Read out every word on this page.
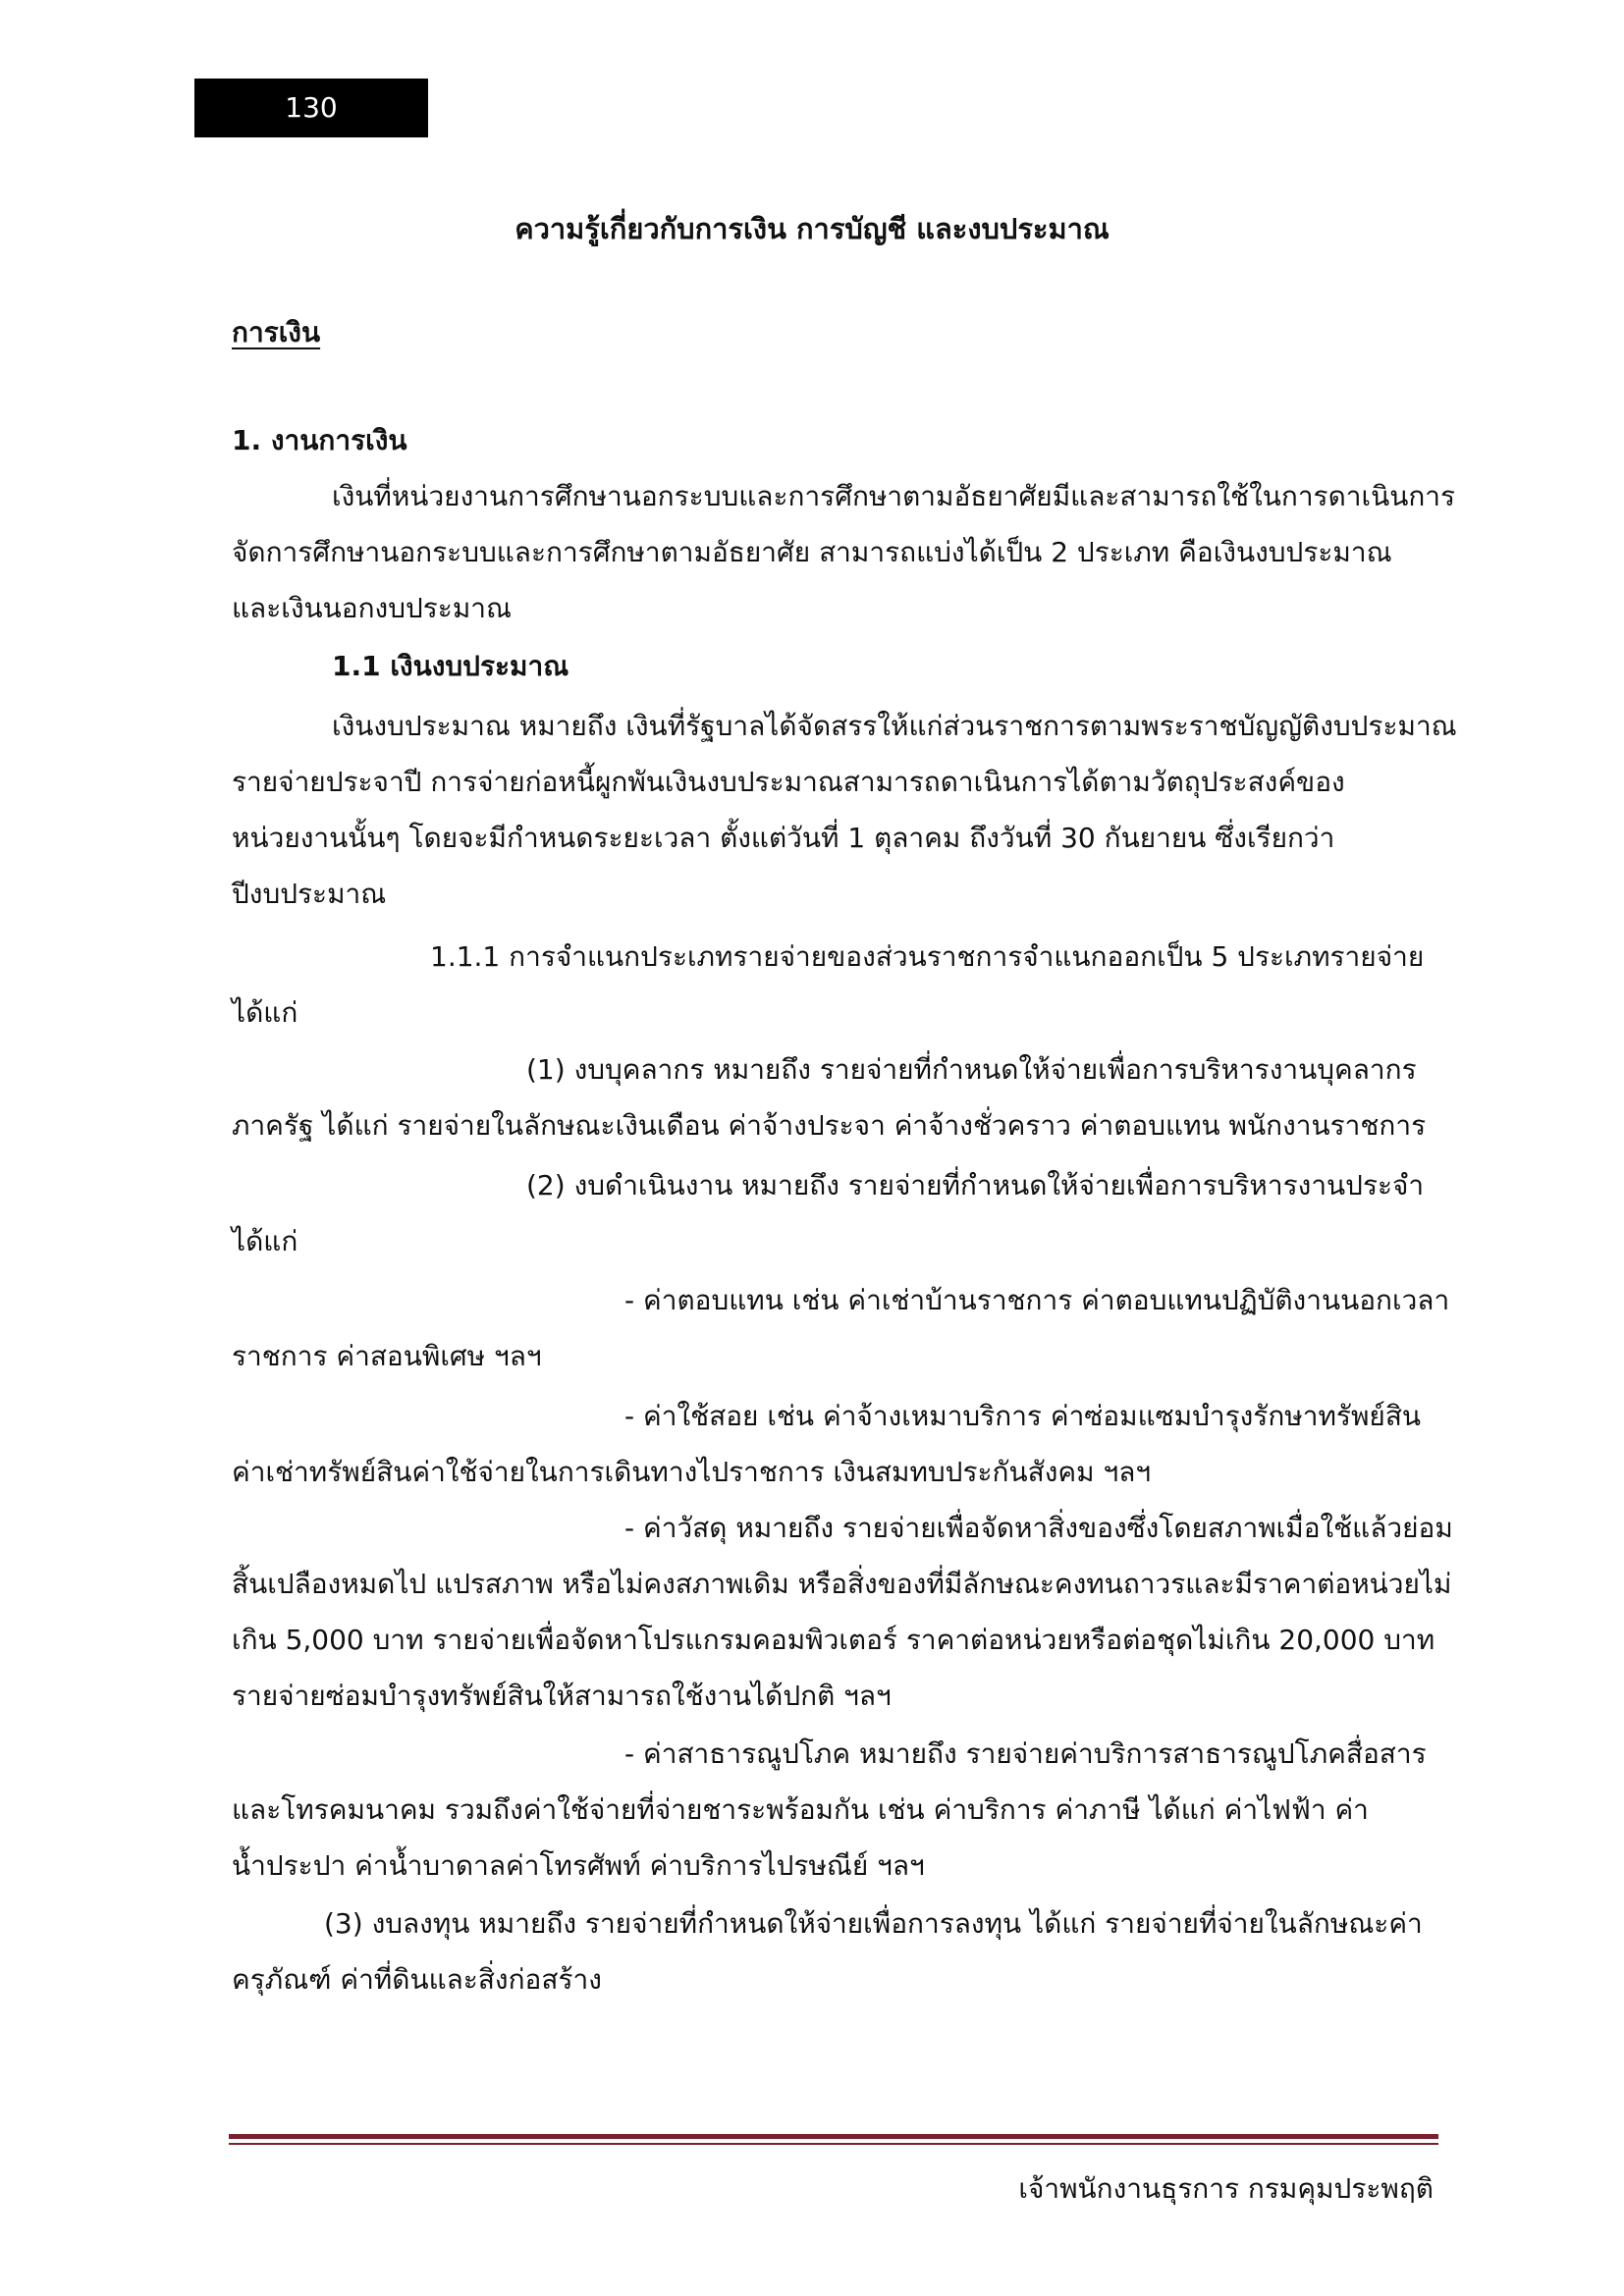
130
ความรู้เกี่ยวกับการเงิน การบัญชี และงบประมาณ
การเงิน
1. งานการเงิน
เงินที่หน่วยงานการศึกษานอกระบบและการศึกษาตามอัธยาศัยมีและสามารถใช้ในการดาเนินการ
จัดการศึกษานอกระบบและการศึกษาตามอัธยาศัย สามารถแบ่งได้เป็น 2 ประเภท คือเงินงบประมาณ
และเงินนอกงบประมาณ
1.1 เงินงบประมาณ
เงินงบประมาณ หมายถึง เงินที่รัฐบาลได้จัดสรรให้แก่ส่วนราชการตามพระราชบัญญัติงบประมาณ
รายจ่ายประจาปี การจ่ายก่อหนี้ผูกพันเงินงบประมาณสามารถดาเนินการได้ตามวัตถุประสงค์ของ
หน่วยงานนั้นๆ โดยจะมีกำหนดระยะเวลา ตั้งแต่วันที่ 1 ตุลาคม ถึงวันที่ 30 กันยายน ซึ่งเรียกว่า
ปีงบประมาณ
1.1.1 การจำแนกประเภทรายจ่ายของส่วนราชการจำแนกออกเป็น 5 ประเภทรายจ่าย
ได้แก่
(1) งบบุคลากร หมายถึง รายจ่ายที่กำหนดให้จ่ายเพื่อการบริหารงานบุคลากร
ภาครัฐ ได้แก่ รายจ่ายในลักษณะเงินเดือน ค่าจ้างประจา ค่าจ้างชั่วคราว ค่าตอบแทน พนักงานราชการ
(2) งบดำเนินงาน หมายถึง รายจ่ายที่กำหนดให้จ่ายเพื่อการบริหารงานประจำ
ได้แก่
- ค่าตอบแทน เช่น ค่าเช่าบ้านราชการ ค่าตอบแทนปฏิบัติงานนอกเวลา
ราชการ ค่าสอนพิเศษ ฯลฯ
- ค่าใช้สอย เช่น ค่าจ้างเหมาบริการ ค่าซ่อมแซมบำรุงรักษาทรัพย์สิน
ค่าเช่าทรัพย์สินค่าใช้จ่ายในการเดินทางไปราชการ เงินสมทบประกันสังคม ฯลฯ
- ค่าวัสดุ หมายถึง รายจ่ายเพื่อจัดหาสิ่งของซึ่งโดยสภาพเมื่อใช้แล้วย่อม
สิ้นเปลืองหมดไป แปรสภาพ หรือไม่คงสภาพเดิม หรือสิ่งของที่มีลักษณะคงทนถาวรและมีราคาต่อหน่วยไม่
เกิน 5,000 บาท รายจ่ายเพื่อจัดหาโปรแกรมคอมพิวเตอร์ ราคาต่อหน่วยหรือต่อชุดไม่เกิน 20,000 บาท
รายจ่ายซ่อมบำรุงทรัพย์สินให้สามารถใช้งานได้ปกติ ฯลฯ
- ค่าสาธารณูปโภค หมายถึง รายจ่ายค่าบริการสาธารณูปโภคสื่อสาร
และโทรคมนาคม รวมถึงค่าใช้จ่ายที่จ่ายชาระพร้อมกัน เช่น ค่าบริการ ค่าภาษี ได้แก่ ค่าไฟฟ้า ค่า
น้ำประปา ค่าน้ำบาดาลค่าโทรศัพท์ ค่าบริการไปรษณีย์ ฯลฯ
(3) งบลงทุน หมายถึง รายจ่ายที่กำหนดให้จ่ายเพื่อการลงทุน ได้แก่ รายจ่ายที่จ่ายในลักษณะค่า
ครุภัณฑ์ ค่าที่ดินและสิ่งก่อสร้าง
เจ้าพนักงานธุรการ กรมคุมประพฤติ
